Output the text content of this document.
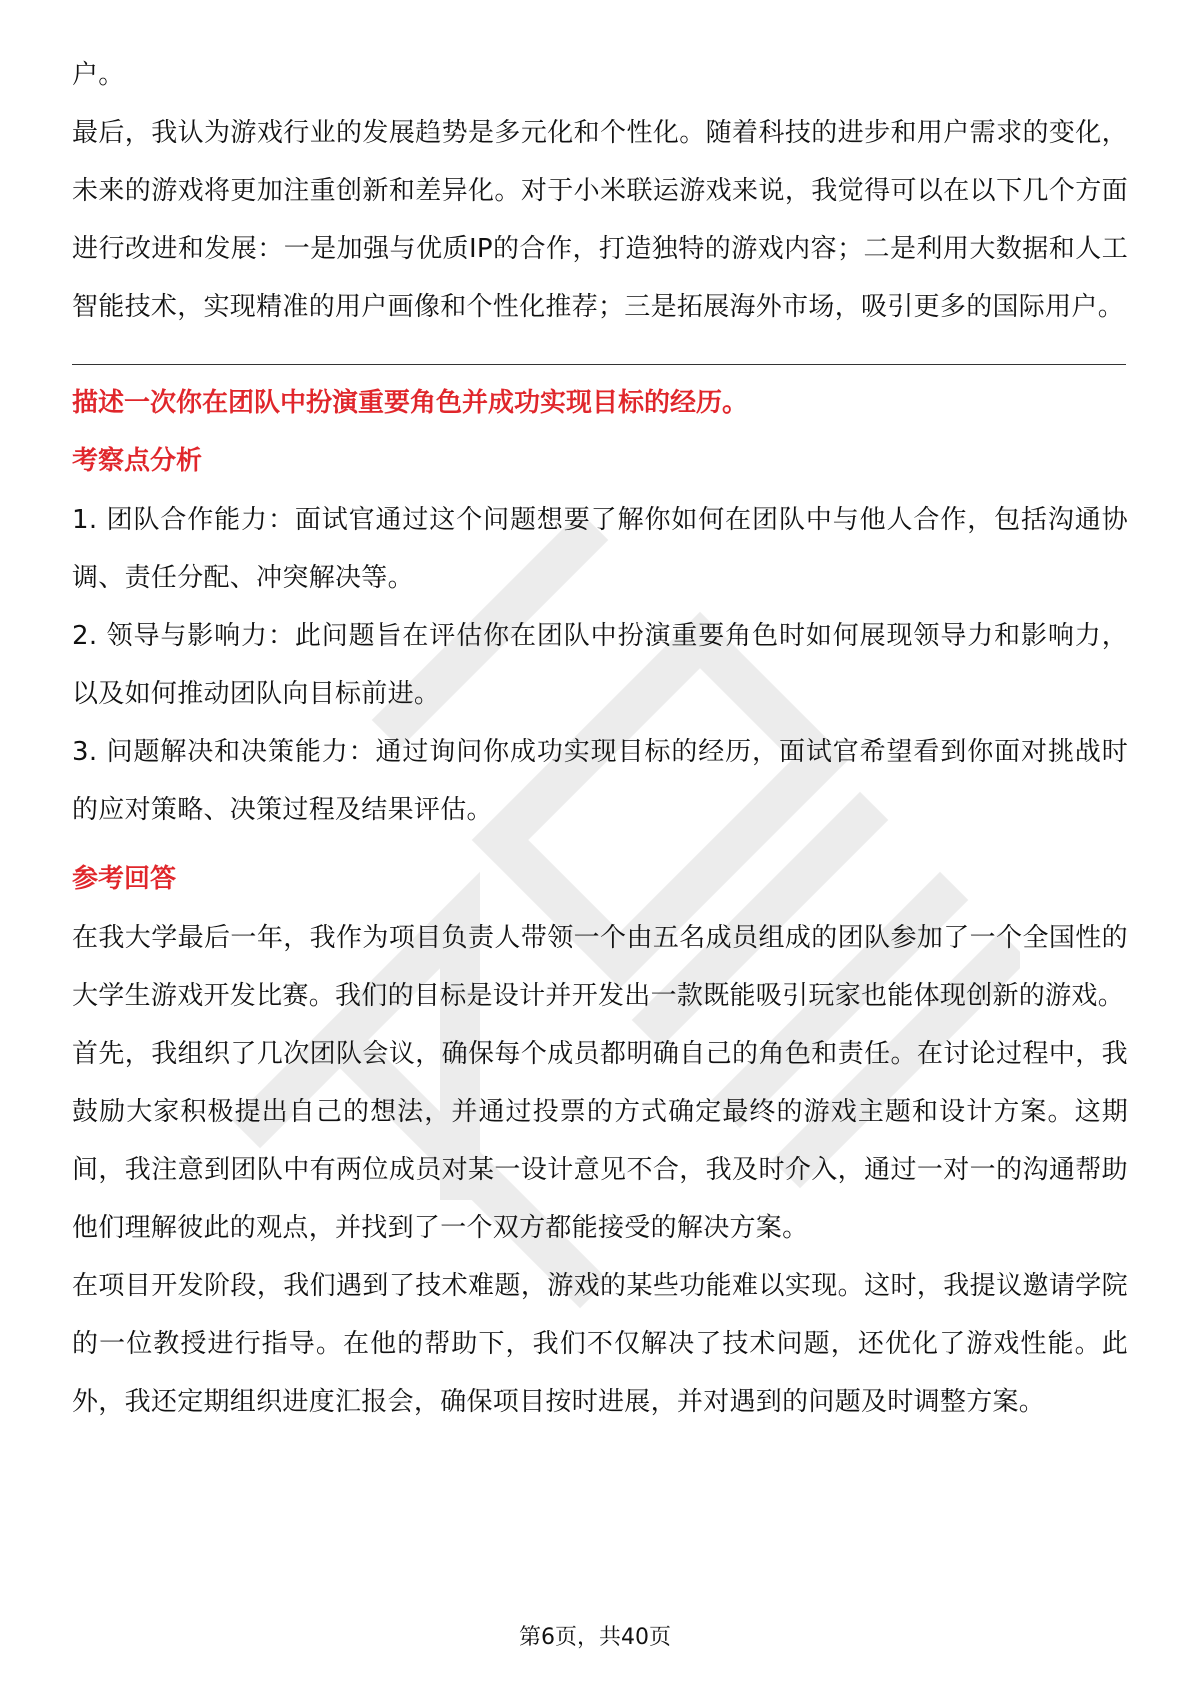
户。

最后，我认为游戏行业的发展趋势是多元化和个性化。随着科技的进步和用户需求的变化，未来的游戏将更加注重创新和差异化。对于小米联运游戏来说，我觉得可以在以下几个方面进行改进和发展：一是加强与优质IP的合作，打造独特的游戏内容；二是利用大数据和人工智能技术，实现精准的用户画像和个性化推荐；三是拓展海外市场，吸引更多的国际用户。

描述一次你在团队中扮演重要角色并成功实现目标的经历。

考察点分析

1. 团队合作能力：面试官通过这个问题想要了解你如何在团队中与他人合作，包括沟通协调、责任分配、冲突解决等。

2. 领导与影响力：此问题旨在评估你在团队中扮演重要角色时如何展现领导力和影响力，以及如何推动团队向目标前进。

3. 问题解决和决策能力：通过询问你成功实现目标的经历，面试官希望看到你面对挑战时的应对策略、决策过程及结果评估。

参考回答

在我大学最后一年，我作为项目负责人带领一个由五名成员组成的团队参加了一个全国性的大学生游戏开发比赛。我们的目标是设计并开发出一款既能吸引玩家也能体现创新的游戏。

首先，我组织了几次团队会议，确保每个成员都明确自己的角色和责任。在讨论过程中，我鼓励大家积极提出自己的想法，并通过投票的方式确定最终的游戏主题和设计方案。这期间，我注意到团队中有两位成员对某一设计意见不合，我及时介入，通过一对一的沟通帮助他们理解彼此的观点，并找到了一个双方都能接受的解决方案。

在项目开发阶段，我们遇到了技术难题，游戏的某些功能难以实现。这时，我提议邀请学院的一位教授进行指导。在他的帮助下，我们不仅解决了技术问题，还优化了游戏性能。此外，我还定期组织进度汇报会，确保项目按时进展，并对遇到的问题及时调整方案。

第6页，共40页
